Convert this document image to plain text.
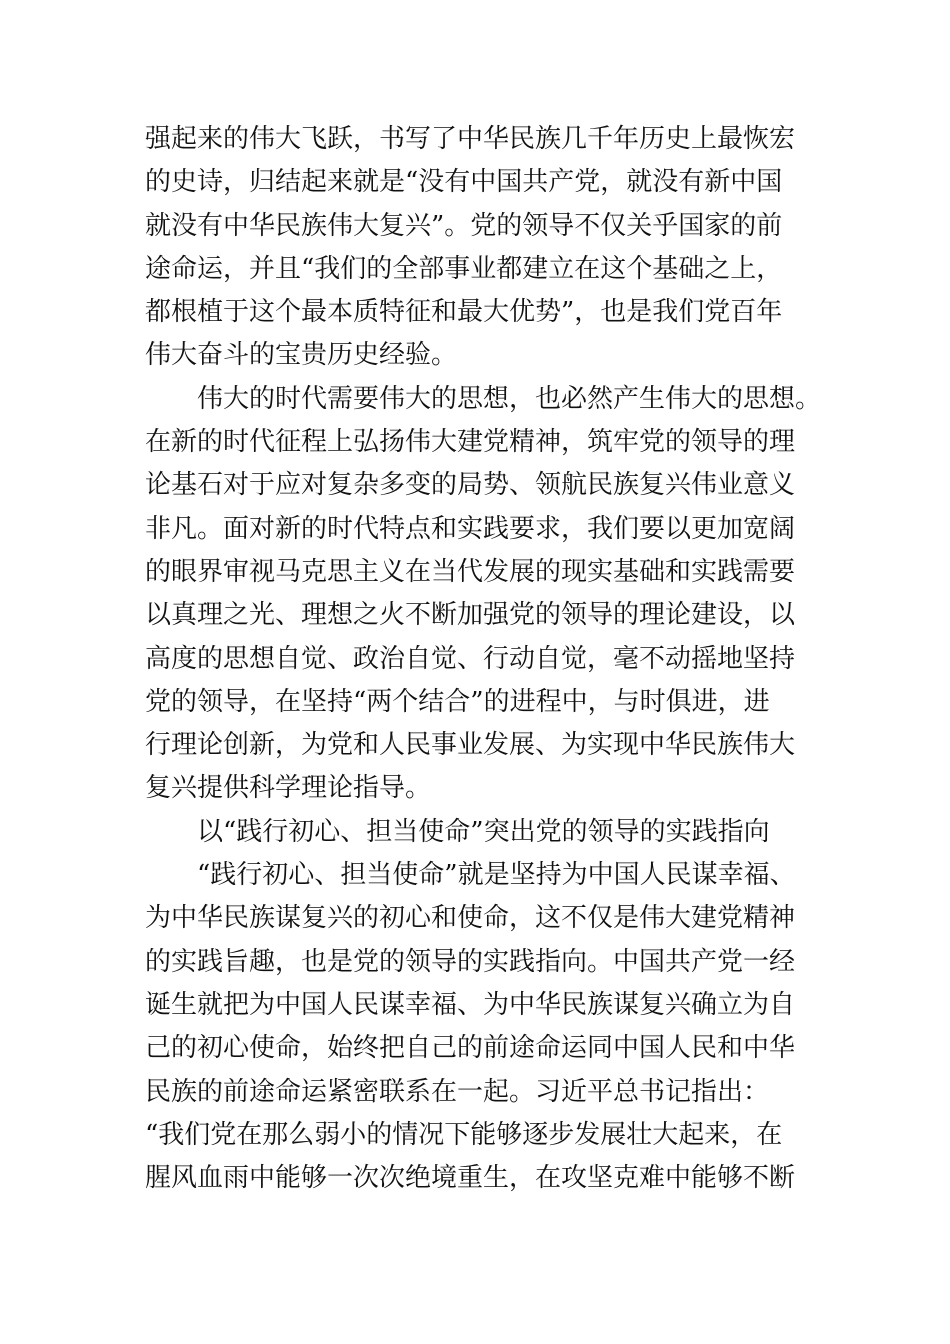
强起来的伟大飞跃，书写了中华民族几千年历史上最恢宏
的史诗，归结起来就是“没有中国共产党，就没有新中国
就没有中华民族伟大复兴”。党的领导不仅关乎国家的前
途命运，并且“我们的全部事业都建立在这个基础之上，
都根植于这个最本质特征和最大优势”，也是我们党百年
伟大奋斗的宝贵历史经验。
伟大的时代需要伟大的思想，也必然产生伟大的思想。
在新的时代征程上弘扬伟大建党精神，筑牢党的领导的理
论基石对于应对复杂多变的局势、领航民族复兴伟业意义
非凡。面对新的时代特点和实践要求，我们要以更加宽阔
的眼界审视马克思主义在当代发展的现实基础和实践需要
以真理之光、理想之火不断加强党的领导的理论建设，以
高度的思想自觉、政治自觉、行动自觉，毫不动摇地坚持
党的领导，在坚持“两个结合”的进程中，与时俱进，进
行理论创新，为党和人民事业发展、为实现中华民族伟大
复兴提供科学理论指导。
以“践行初心、担当使命”突出党的领导的实践指向
“践行初心、担当使命”就是坚持为中国人民谋幸福、
为中华民族谋复兴的初心和使命，这不仅是伟大建党精神
的实践旨趣，也是党的领导的实践指向。中国共产党一经
诞生就把为中国人民谋幸福、为中华民族谋复兴确立为自
己的初心使命，始终把自己的前途命运同中国人民和中华
民族的前途命运紧密联系在一起。习近平总书记指出：
“我们党在那么弱小的情况下能够逐步发展壮大起来，在
腥风血雨中能够一次次绝境重生，在攻坚克难中能够不断
